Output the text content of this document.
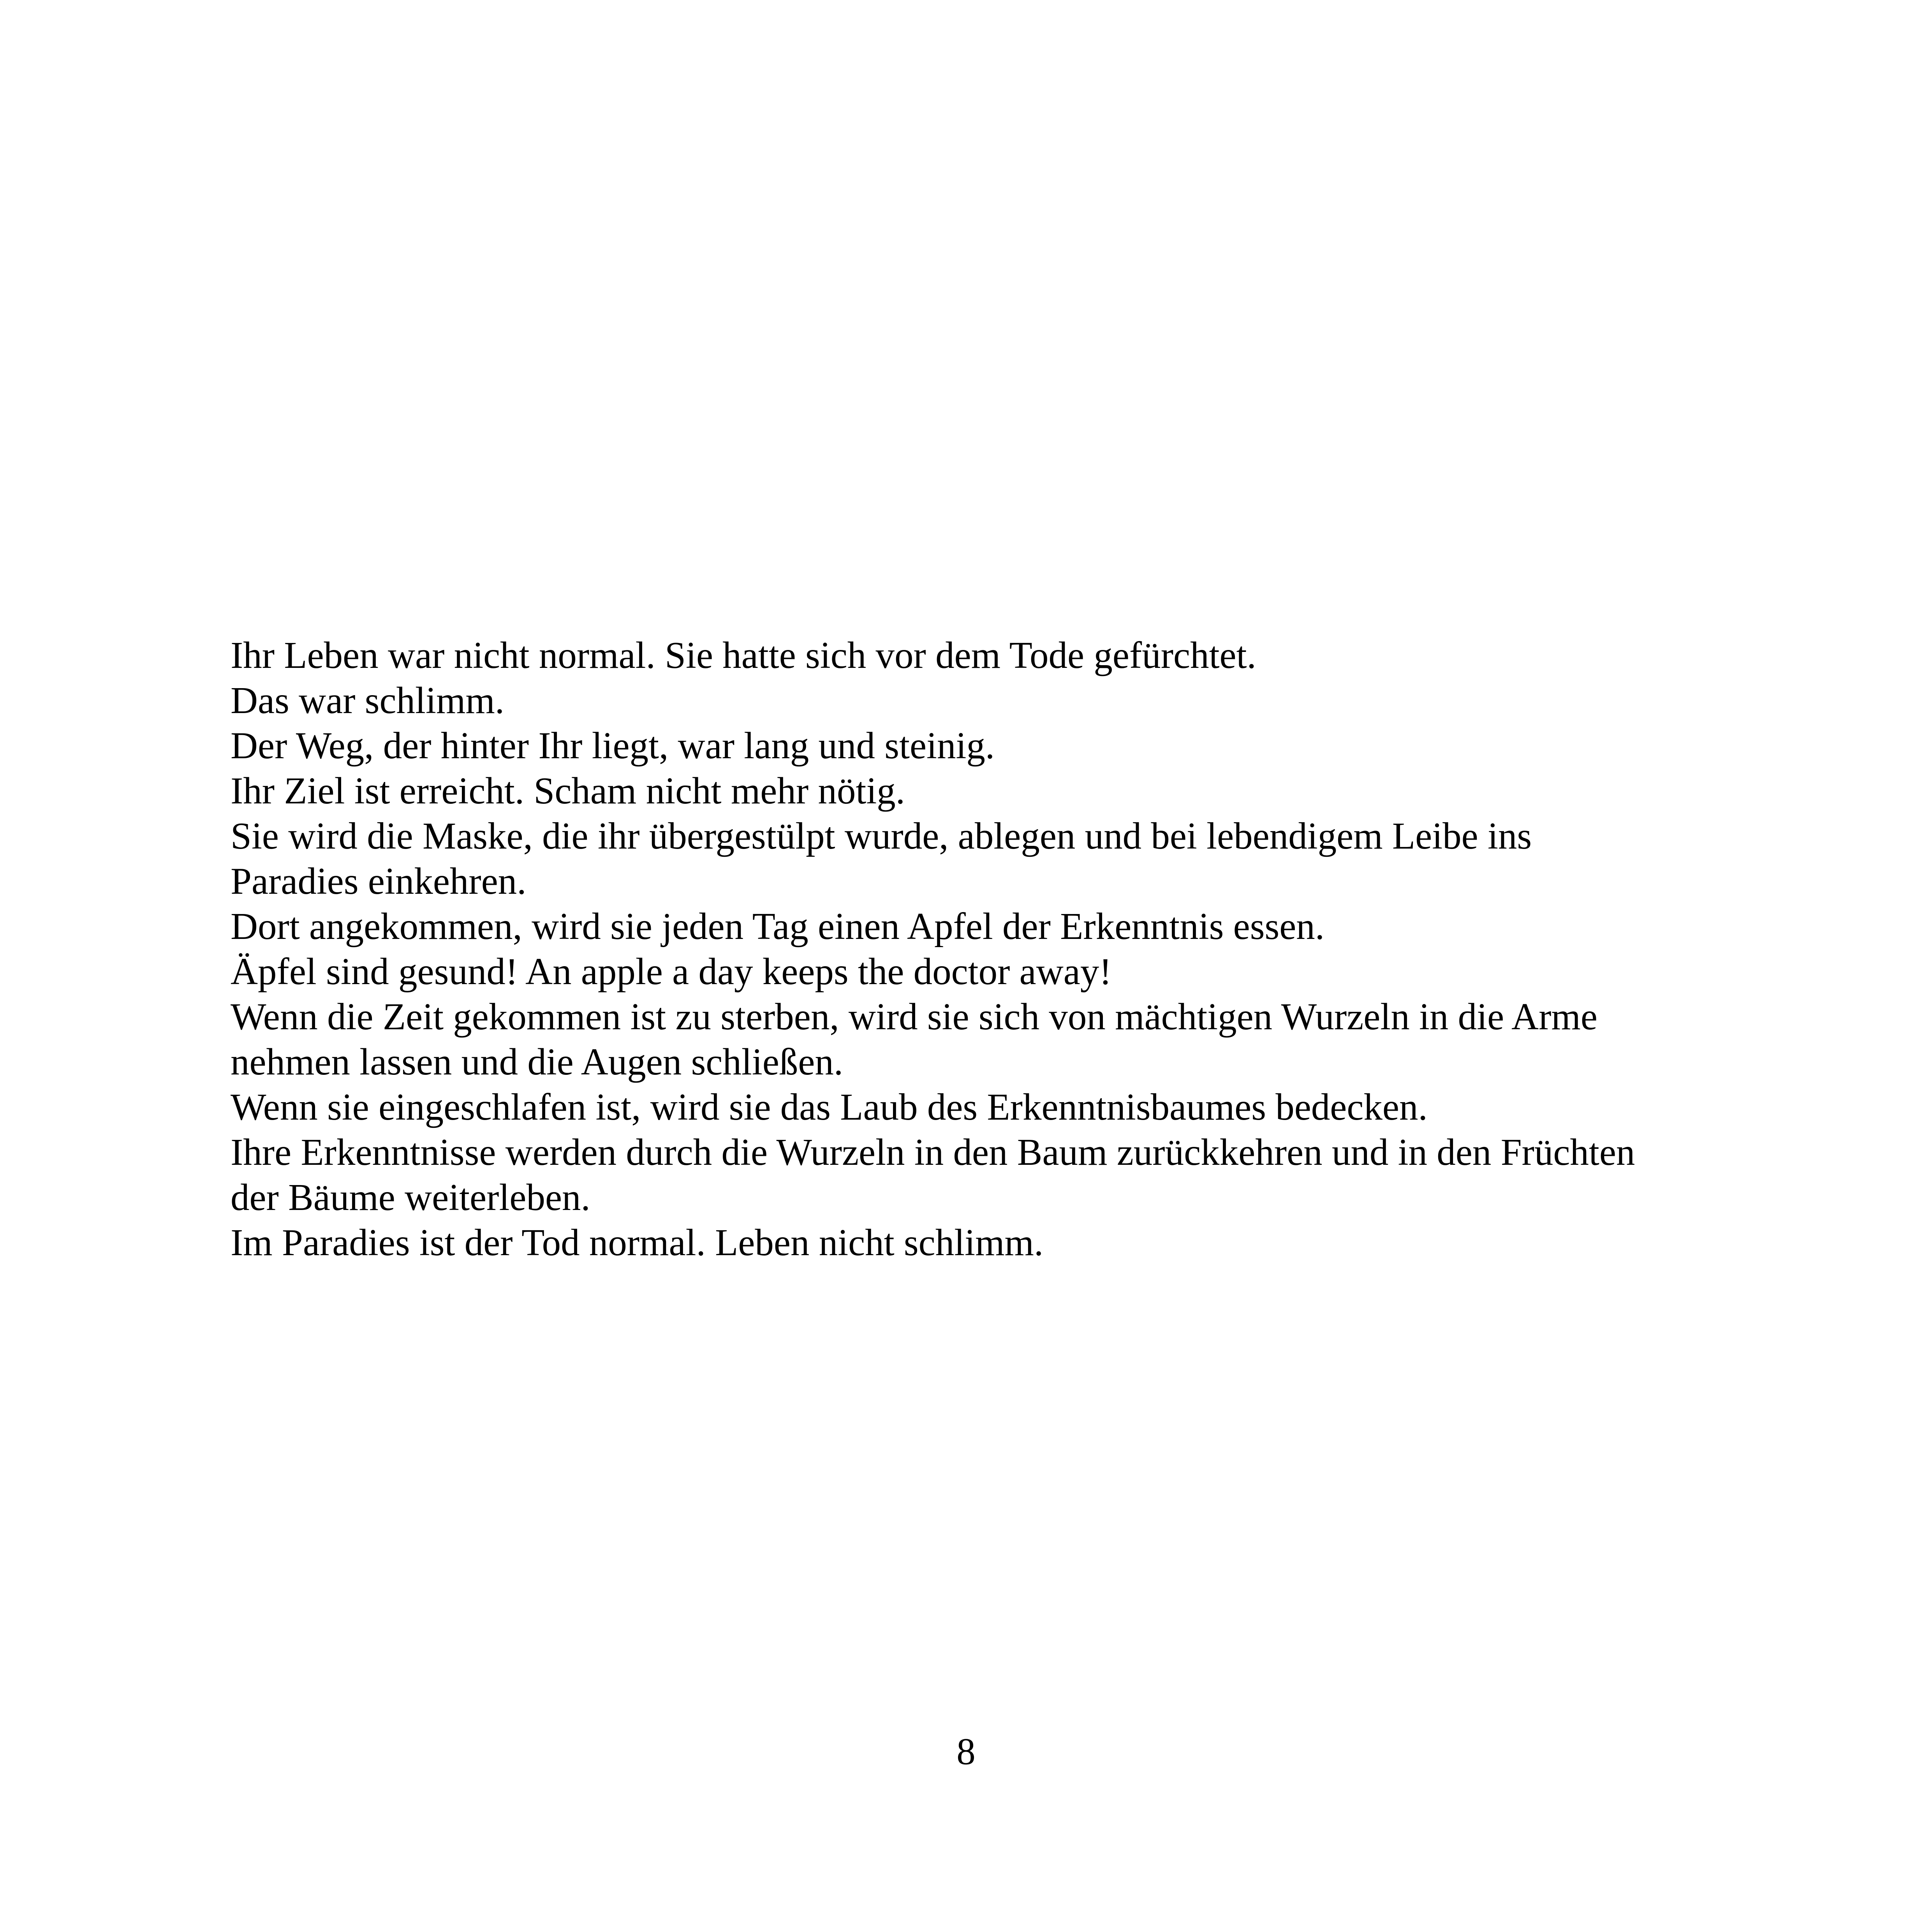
Ihr Leben war nicht normal. Sie hatte sich vor dem Tode gefürchtet.
Das war schlimm.
Der Weg, der hinter Ihr liegt, war lang und steinig.
Ihr Ziel ist erreicht. Scham nicht mehr nötig.
Sie wird die Maske, die ihr übergestülpt wurde, ablegen und bei lebendigem Leibe ins
Paradies einkehren.
Dort angekommen, wird sie jeden Tag einen Apfel der Erkenntnis essen.
Äpfel sind gesund! An apple a day keeps the doctor away!
Wenn die Zeit gekommen ist zu sterben, wird sie sich von mächtigen Wurzeln in die Arme
nehmen lassen und die Augen schließen.
Wenn sie eingeschlafen ist, wird sie das Laub des Erkenntnisbaumes bedecken.
Ihre Erkenntnisse werden durch die Wurzeln in den Baum zurückkehren und in den Früchten
der Bäume weiterleben.
Im Paradies ist der Tod normal. Leben nicht schlimm.
8
